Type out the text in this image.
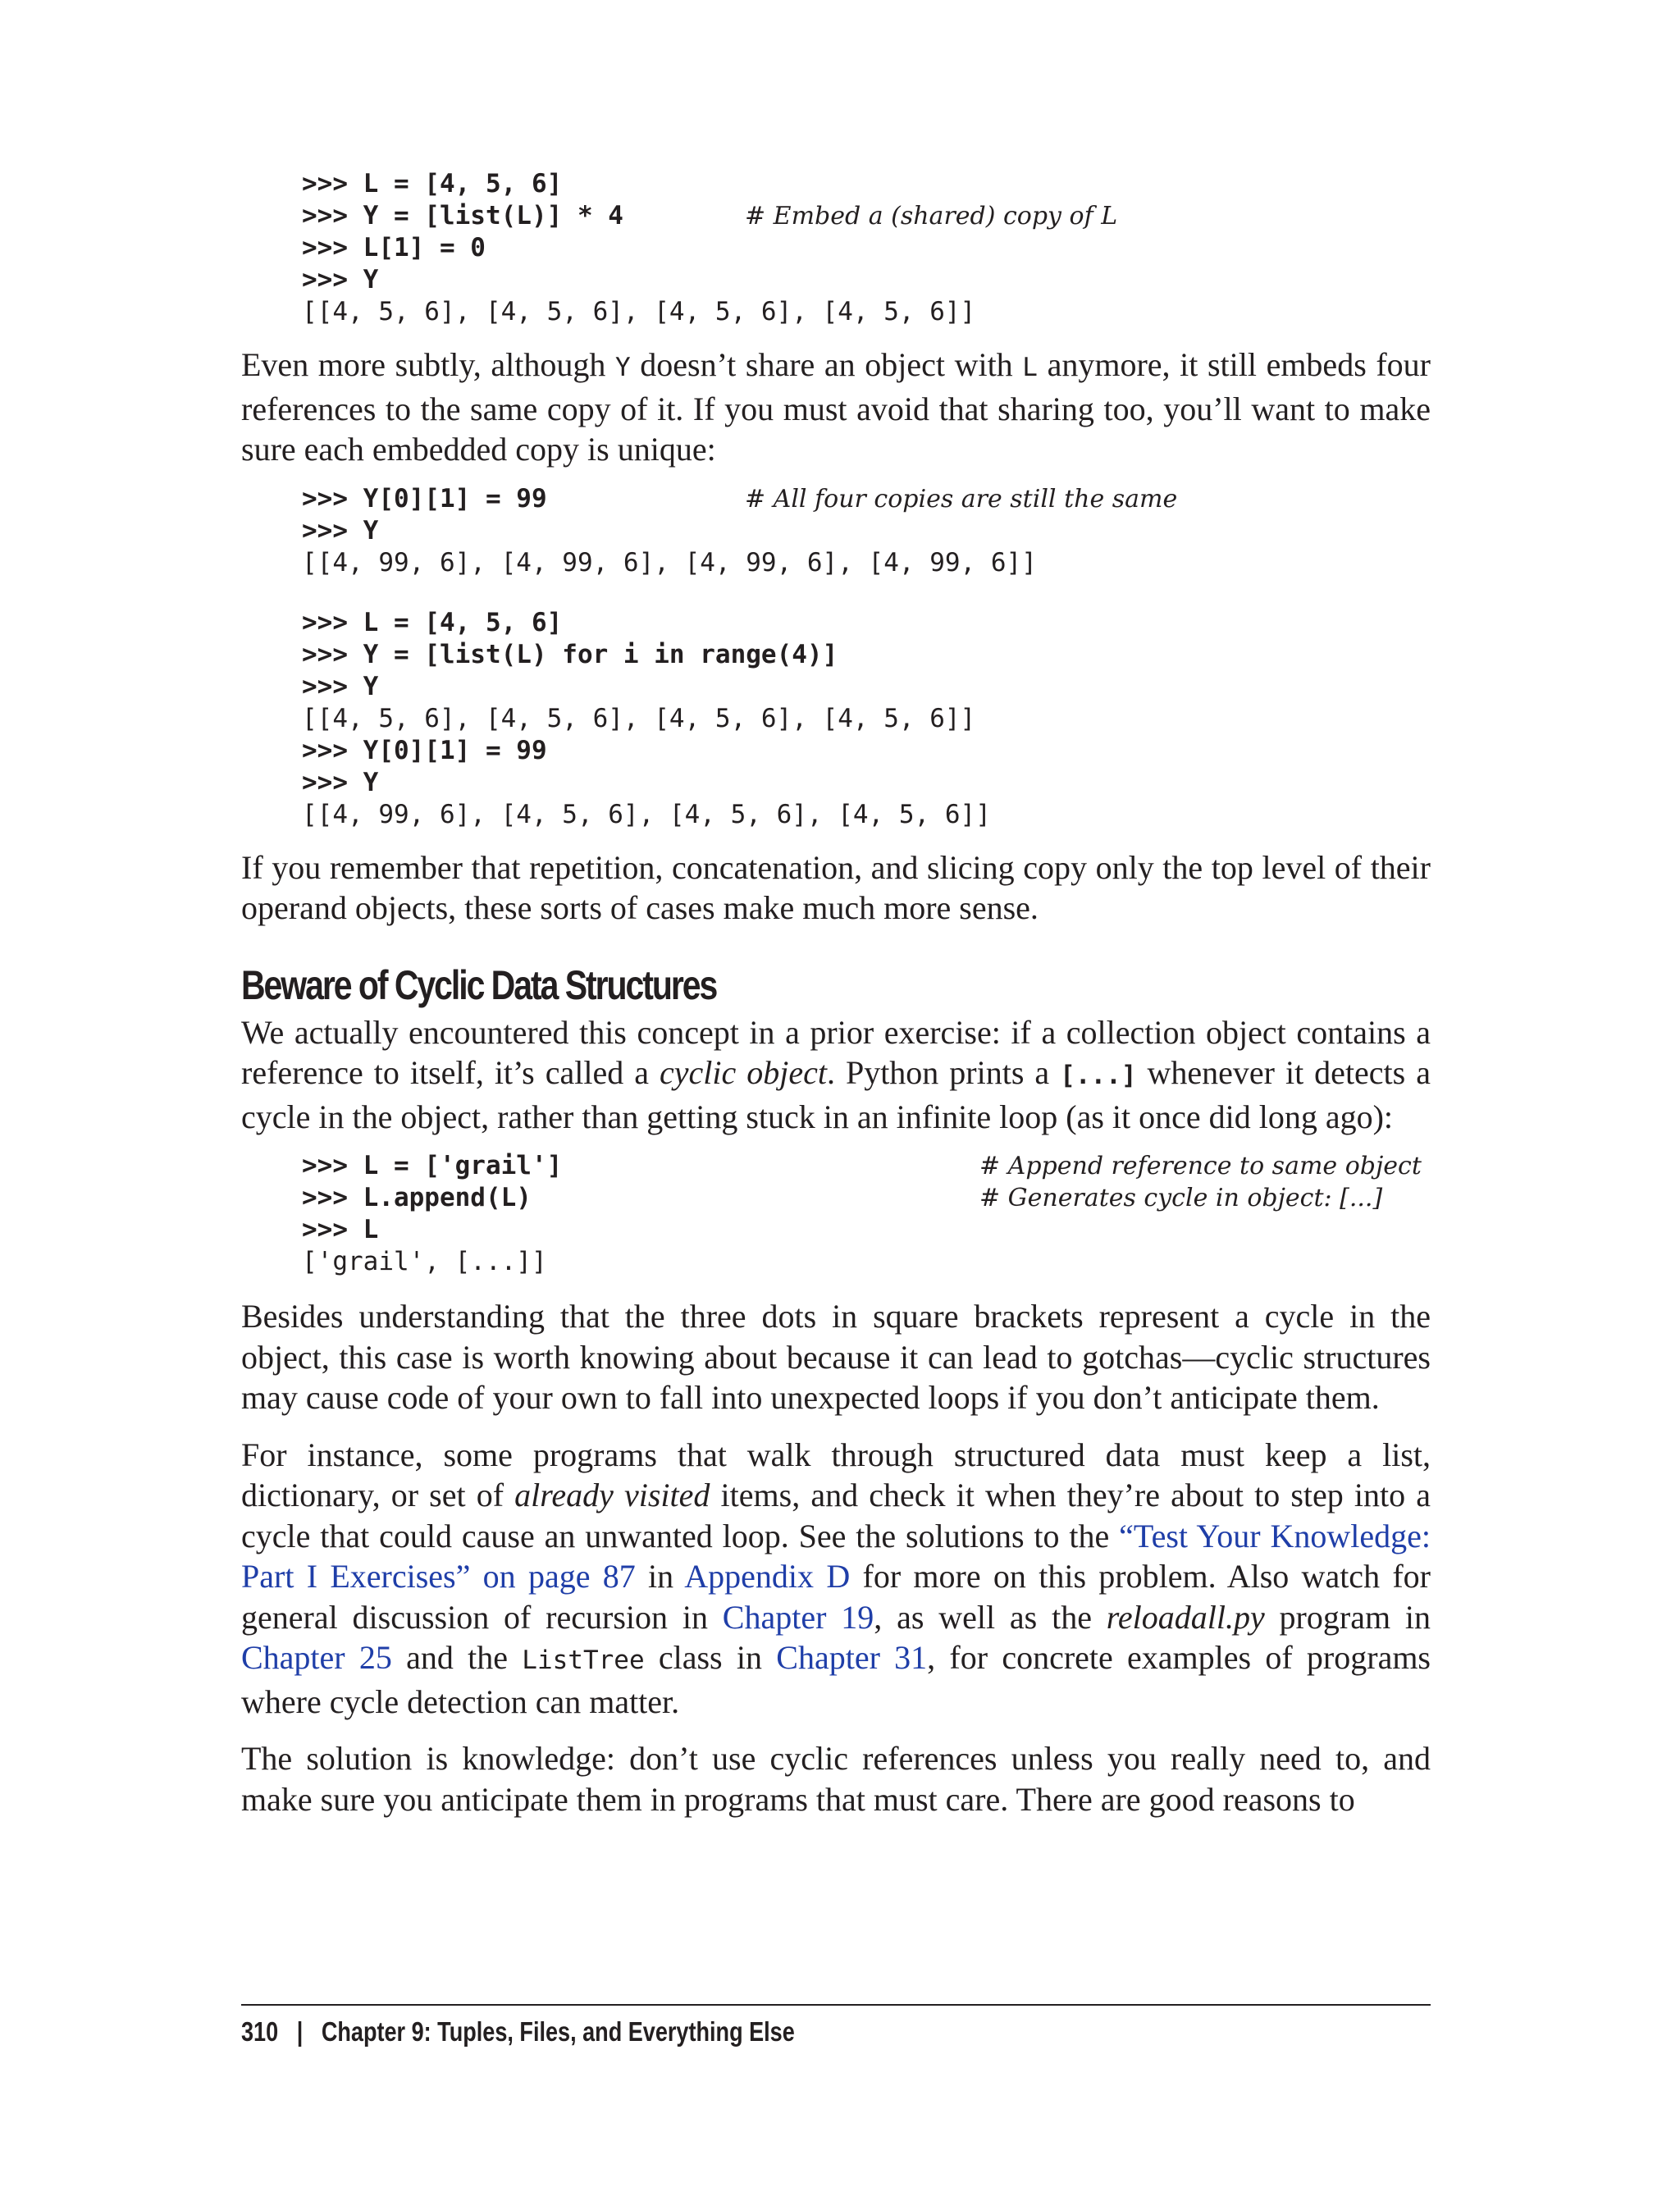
>>> L = [4, 5, 6]
>>> Y = [list(L)] * 4	# Embed a (shared) copy of L
>>> L[1] = 0
>>> Y
[[4, 5, 6], [4, 5, 6], [4, 5, 6], [4, 5, 6]]

Even more subtly, although Y doesn’t share an object with L anymore, it still embeds four references to the same copy of it. If you must avoid that sharing too, you’ll want to make sure each embedded copy is unique:

>>> Y[0][1] = 99	# All four copies are still the same
>>> Y
[[4, 99, 6], [4, 99, 6], [4, 99, 6], [4, 99, 6]]
>>> L = [4, 5, 6]
>>> Y = [list(L) for i in range(4)]
>>> Y
[[4, 5, 6], [4, 5, 6], [4, 5, 6], [4, 5, 6]]
>>> Y[0][1] = 99
>>> Y
[[4, 99, 6], [4, 5, 6], [4, 5, 6], [4, 5, 6]]

If you remember that repetition, concatenation, and slicing copy only the top level of their operand objects, these sorts of cases make much more sense.

Beware of Cyclic Data Structures

We actually encountered this concept in a prior exercise: if a collection object contains a reference to itself, it’s called a cyclic object. Python prints a [...] whenever it detects a cycle in the object, rather than getting stuck in an infinite loop (as it once did long ago):

>>> L = ['grail']	# Append reference to same object
>>> L.append(L)	# Generates cycle in object: [...]
>>> L
['grail', [...]]

Besides understanding that the three dots in square brackets represent a cycle in the object, this case is worth knowing about because it can lead to gotchas—cyclic structures may cause code of your own to fall into unexpected loops if you don’t anticipate them.

For instance, some programs that walk through structured data must keep a list, dictionary, or set of already visited items, and check it when they’re about to step into a cycle that could cause an unwanted loop. See the solutions to the “Test Your Knowledge: Part I Exercises” on page 87 in Appendix D for more on this problem. Also watch for general discussion of recursion in Chapter 19, as well as the reloadall.py program in Chapter 25 and the ListTree class in Chapter 31, for concrete examples of programs where cycle detection can matter.

The solution is knowledge: don’t use cyclic references unless you really need to, and make sure you anticipate them in programs that must care. There are good reasons to

310 | Chapter 9: Tuples, Files, and Everything Else
